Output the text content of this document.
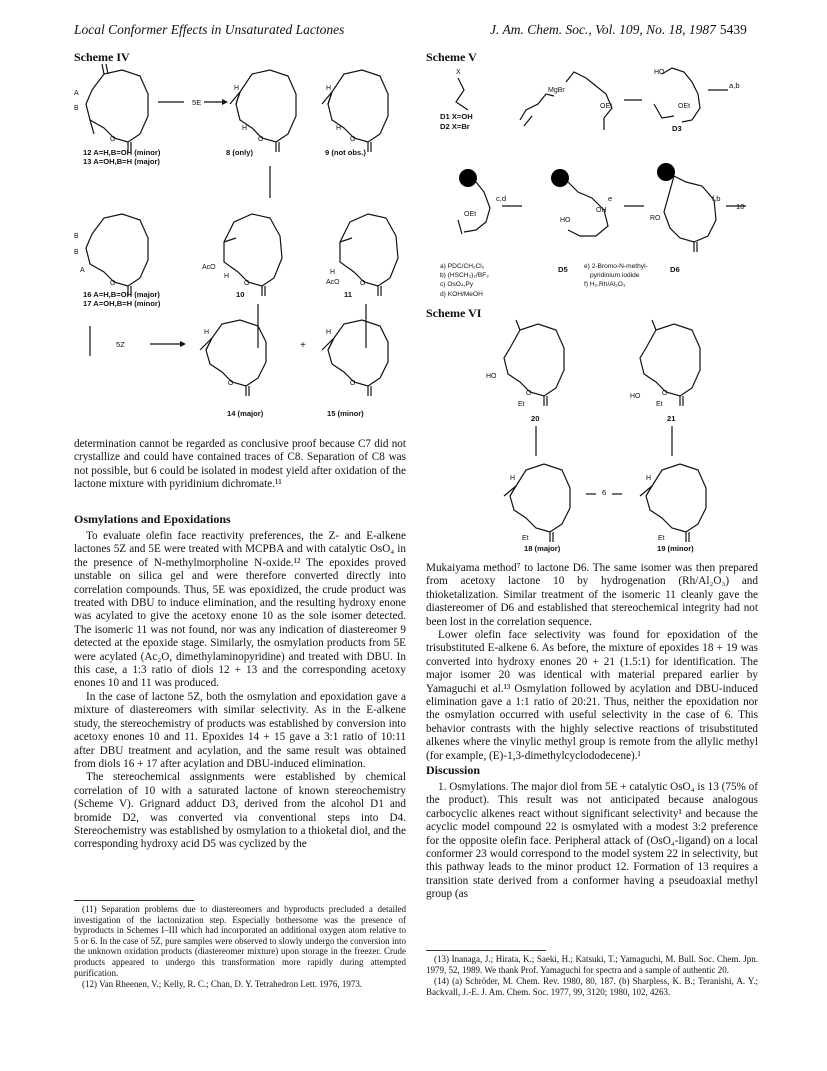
Local Conformer Effects in Unsaturated Lactones	J. Am. Chem. Soc., Vol. 109, No. 18, 1987 5439
Scheme IV
A
B
O
H
H
O
H
H
O
B
B
A
O
AcO
H
O
H
AcO	O
12 A=H,B=OH (minor)
13 A=OH,B=H (major)
8 (only)	9 (not obs.)
5E
16 A=H,B=OH (major)
17 A=OH,B=H (minor)
10	11
5Z
H
O
+
H
O
14 (major)	15 (minor)
Scheme V
X
MgBr
OEt
HO
OEt
OEt
HO
OH
RO
D1 X=OH
D2 X=Br	D3
a,b
c,d	e	f,b
10
D5	D6
a) PDC/CH₂Cl₂
b) (HSCH₂)₂/BF₃
c) OsO₄,Py
d) KOH/MeOH
e) 2-Bromo-N-methyl-
pyridinium iodide
f) H₂,Rh/Al₂O₃
Scheme VI
HO
Et
O	HO
Et
O
H
Et
H
Et
20	21
6
18 (major)	19 (minor)

determination cannot be regarded as conclusive proof because C7 did not crystallize and could have contained traces of C8. Separation of C8 was not possible, but 6 could be isolated in modest yield after oxidation of the lactone mixture with pyridinium dichromate.¹¹

Osmylations and Epoxidations

To evaluate olefin face reactivity preferences, the Z- and E-alkene lactones 5Z and 5E were treated with MCPBA and with catalytic OsO₄ in the presence of N-methylmorpholine N-oxide.¹² The epoxides proved unstable on silica gel and were therefore converted directly into correlation compounds. Thus, 5E was epoxidized, the crude product was treated with DBU to induce elimination, and the resulting hydroxy enone was acylated to give the acetoxy enone 10 as the sole isomer detected. The isomeric 11 was not found, nor was any indication of diastereomer 9 detected at the epoxide stage. Similarly, the osmylation products from 5E were acylated (Ac₂O, dimethylaminopyridine) and treated with DBU. In this case, a 1:3 ratio of diols 12 + 13 and the corresponding acetoxy enones 10 and 11 was produced.

In the case of lactone 5Z, both the osmylation and epoxidation gave a mixture of diastereomers with similar selectivity. As in the E-alkene study, the stereochemistry of products was established by conversion into acetoxy enones 10 and 11. Epoxides 14 + 15 gave a 3:1 ratio of 10:11 after DBU treatment and acylation, and the same result was obtained from diols 16 + 17 after acylation and DBU-induced elimination.

The stereochemical assignments were established by chemical correlation of 10 with a saturated lactone of known stereochemistry (Scheme V). Grignard adduct D3, derived from the alcohol D1 and bromide D2, was converted via conventional steps into D4. Stereochemistry was established by osmylation to a thioketal diol, and the corresponding hydroxy acid D5 was cyclized by the

(11) Separation problems due to diastereomers and byproducts precluded a detailed investigation of the lactonization step. Especially bothersome was the presence of byproducts in Schemes I–III which had incorporated an additional oxygen atom relative to 5 or 6. In the case of 5Z, pure samples were observed to slowly undergo the conversion into the unknown oxidation products (diastereomer mixture) upon storage in the freezer. Crude products appeared to undergo this transformation more rapidly during attempted purification.

(12) Van Rheenen, V.; Kelly, R. C.; Chan, D. Y. Tetrahedron Lett. 1976, 1973.

Mukaiyama method⁷ to lactone D6. The same isomer was then prepared from acetoxy lactone 10 by hydrogenation (Rh/Al₂O₃) and thioketalization. Similar treatment of the isomeric 11 cleanly gave the diastereomer of D6 and established that stereochemical integrity had not been lost in the correlation sequence.

Lower olefin face selectivity was found for epoxidation of the trisubstituted E-alkene 6. As before, the mixture of epoxides 18 + 19 was converted into hydroxy enones 20 + 21 (1.5:1) for identification. The major isomer 20 was identical with material prepared earlier by Yamaguchi et al.¹³ Osmylation followed by acylation and DBU-induced elimination gave a 1:1 ratio of 20:21. Thus, neither the epoxidation nor the osmylation occurred with useful selectivity in the case of 6. This behavior contrasts with the highly selective reactions of trisubstituted alkenes where the vinylic methyl group is remote from the allylic methyl (for example, (E)-1,3-dimethylcyclododecene).¹

Discussion

1. Osmylations. The major diol from 5E + catalytic OsO₄ is 13 (75% of the product). This result was not anticipated because analogous carbocyclic alkenes react without significant selectivity¹ and because the acyclic model compound 22 is osmylated with a modest 3:2 preference for the opposite olefin face. Peripheral attack of (OsO₄-ligand) on a local conformer 23 would correspond to the model system 22 in selectivity, but this pathway leads to the minor product 12. Formation of 13 requires a transition state derived from a conformer having a pseudoaxial methyl group (as

(13) Inanaga, J.; Hirata, K.; Saeki, H.; Katsuki, T.; Yamaguchi, M. Bull. Soc. Chem. Jpn. 1979, 52, 1989. We thank Prof. Yamaguchi for spectra and a sample of authentic 20.

(14) (a) Schröder, M. Chem. Rev. 1980, 80, 187. (b) Sharpless, K. B.; Teranishi, A. Y.; Backvall, J.-E. J. Am. Chem. Soc. 1977, 99, 3120; 1980, 102, 4263.
